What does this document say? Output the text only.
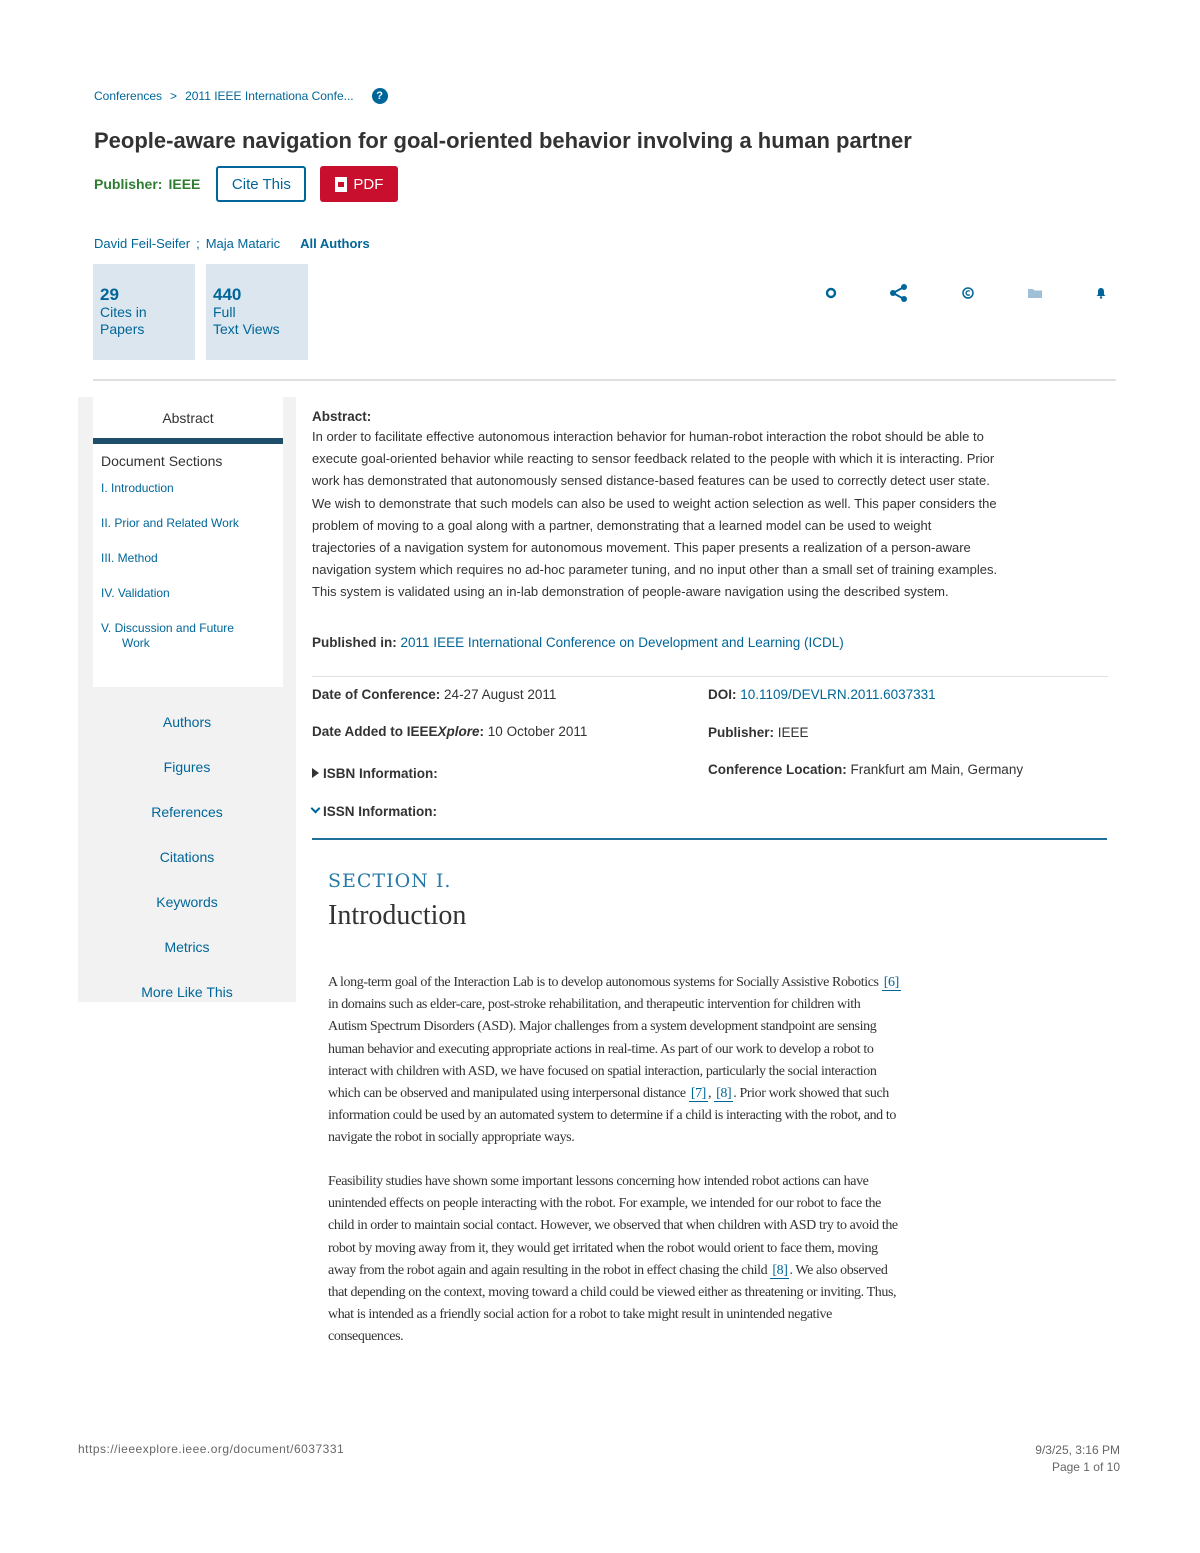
Conferences > 2011 IEEE Internationa Confe...	?
People-aware navigation for goal-oriented behavior involving a human partner
Publisher: IEEE	Cite This	PDF
David Feil-Seifer ; Maja Mataric All Authors
29
Cites in
Papers
440
Full
Text Views
Abstract
Document Sections
I. Introduction
II. Prior and Related Work
III. Method
IV. Validation
V. Discussion and Future
Work
Authors
Figures
References
Citations
Keywords
Metrics
More Like This
Abstract:
In order to facilitate effective autonomous interaction behavior for human-robot interaction the robot should be able to
execute goal-oriented behavior while reacting to sensor feedback related to the people with which it is interacting. Prior
work has demonstrated that autonomously sensed distance-based features can be used to correctly detect user state.
We wish to demonstrate that such models can also be used to weight action selection as well. This paper considers the
problem of moving to a goal along with a partner, demonstrating that a learned model can be used to weight
trajectories of a navigation system for autonomous movement. This paper presents a realization of a person-aware
navigation system which requires no ad-hoc parameter tuning, and no input other than a small set of training examples.
This system is validated using an in-lab demonstration of people-aware navigation using the described system.
Published in: 2011 IEEE International Conference on Development and Learning (ICDL)
Date of Conference: 24-27 August 2011
Date Added to IEEEXplore: 10 October 2011
ISBN Information:
ISSN Information:
DOI: 10.1109/DEVLRN.2011.6037331
Publisher: IEEE
Conference Location: Frankfurt am Main, Germany
SECTION I.
Introduction
A long-term goal of the Interaction Lab is to develop autonomous systems for Socially Assistive Robotics [6]
in domains such as elder-care, post-stroke rehabilitation, and therapeutic intervention for children with
Autism Spectrum Disorders (ASD). Major challenges from a system development standpoint are sensing
human behavior and executing appropriate actions in real-time. As part of our work to develop a robot to
interact with children with ASD, we have focused on spatial interaction, particularly the social interaction
which can be observed and manipulated using interpersonal distance [7] , [8] . Prior work showed that such
information could be used by an automated system to determine if a child is interacting with the robot, and to
navigate the robot in socially appropriate ways.
Feasibility studies have shown some important lessons concerning how intended robot actions can have
unintended effects on people interacting with the robot. For example, we intended for our robot to face the
child in order to maintain social contact. However, we observed that when children with ASD try to avoid the
robot by moving away from it, they would get irritated when the robot would orient to face them, moving
away from the robot again and again resulting in the robot in effect chasing the child [8] . We also observed
that depending on the context, moving toward a child could be viewed either as threatening or inviting. Thus,
what is intended as a friendly social action for a robot to take might result in unintended negative
consequences.
https://ieeexplore.ieee.org/document/6037331	9/3/25, 3:16 PM
Page 1 of 10
